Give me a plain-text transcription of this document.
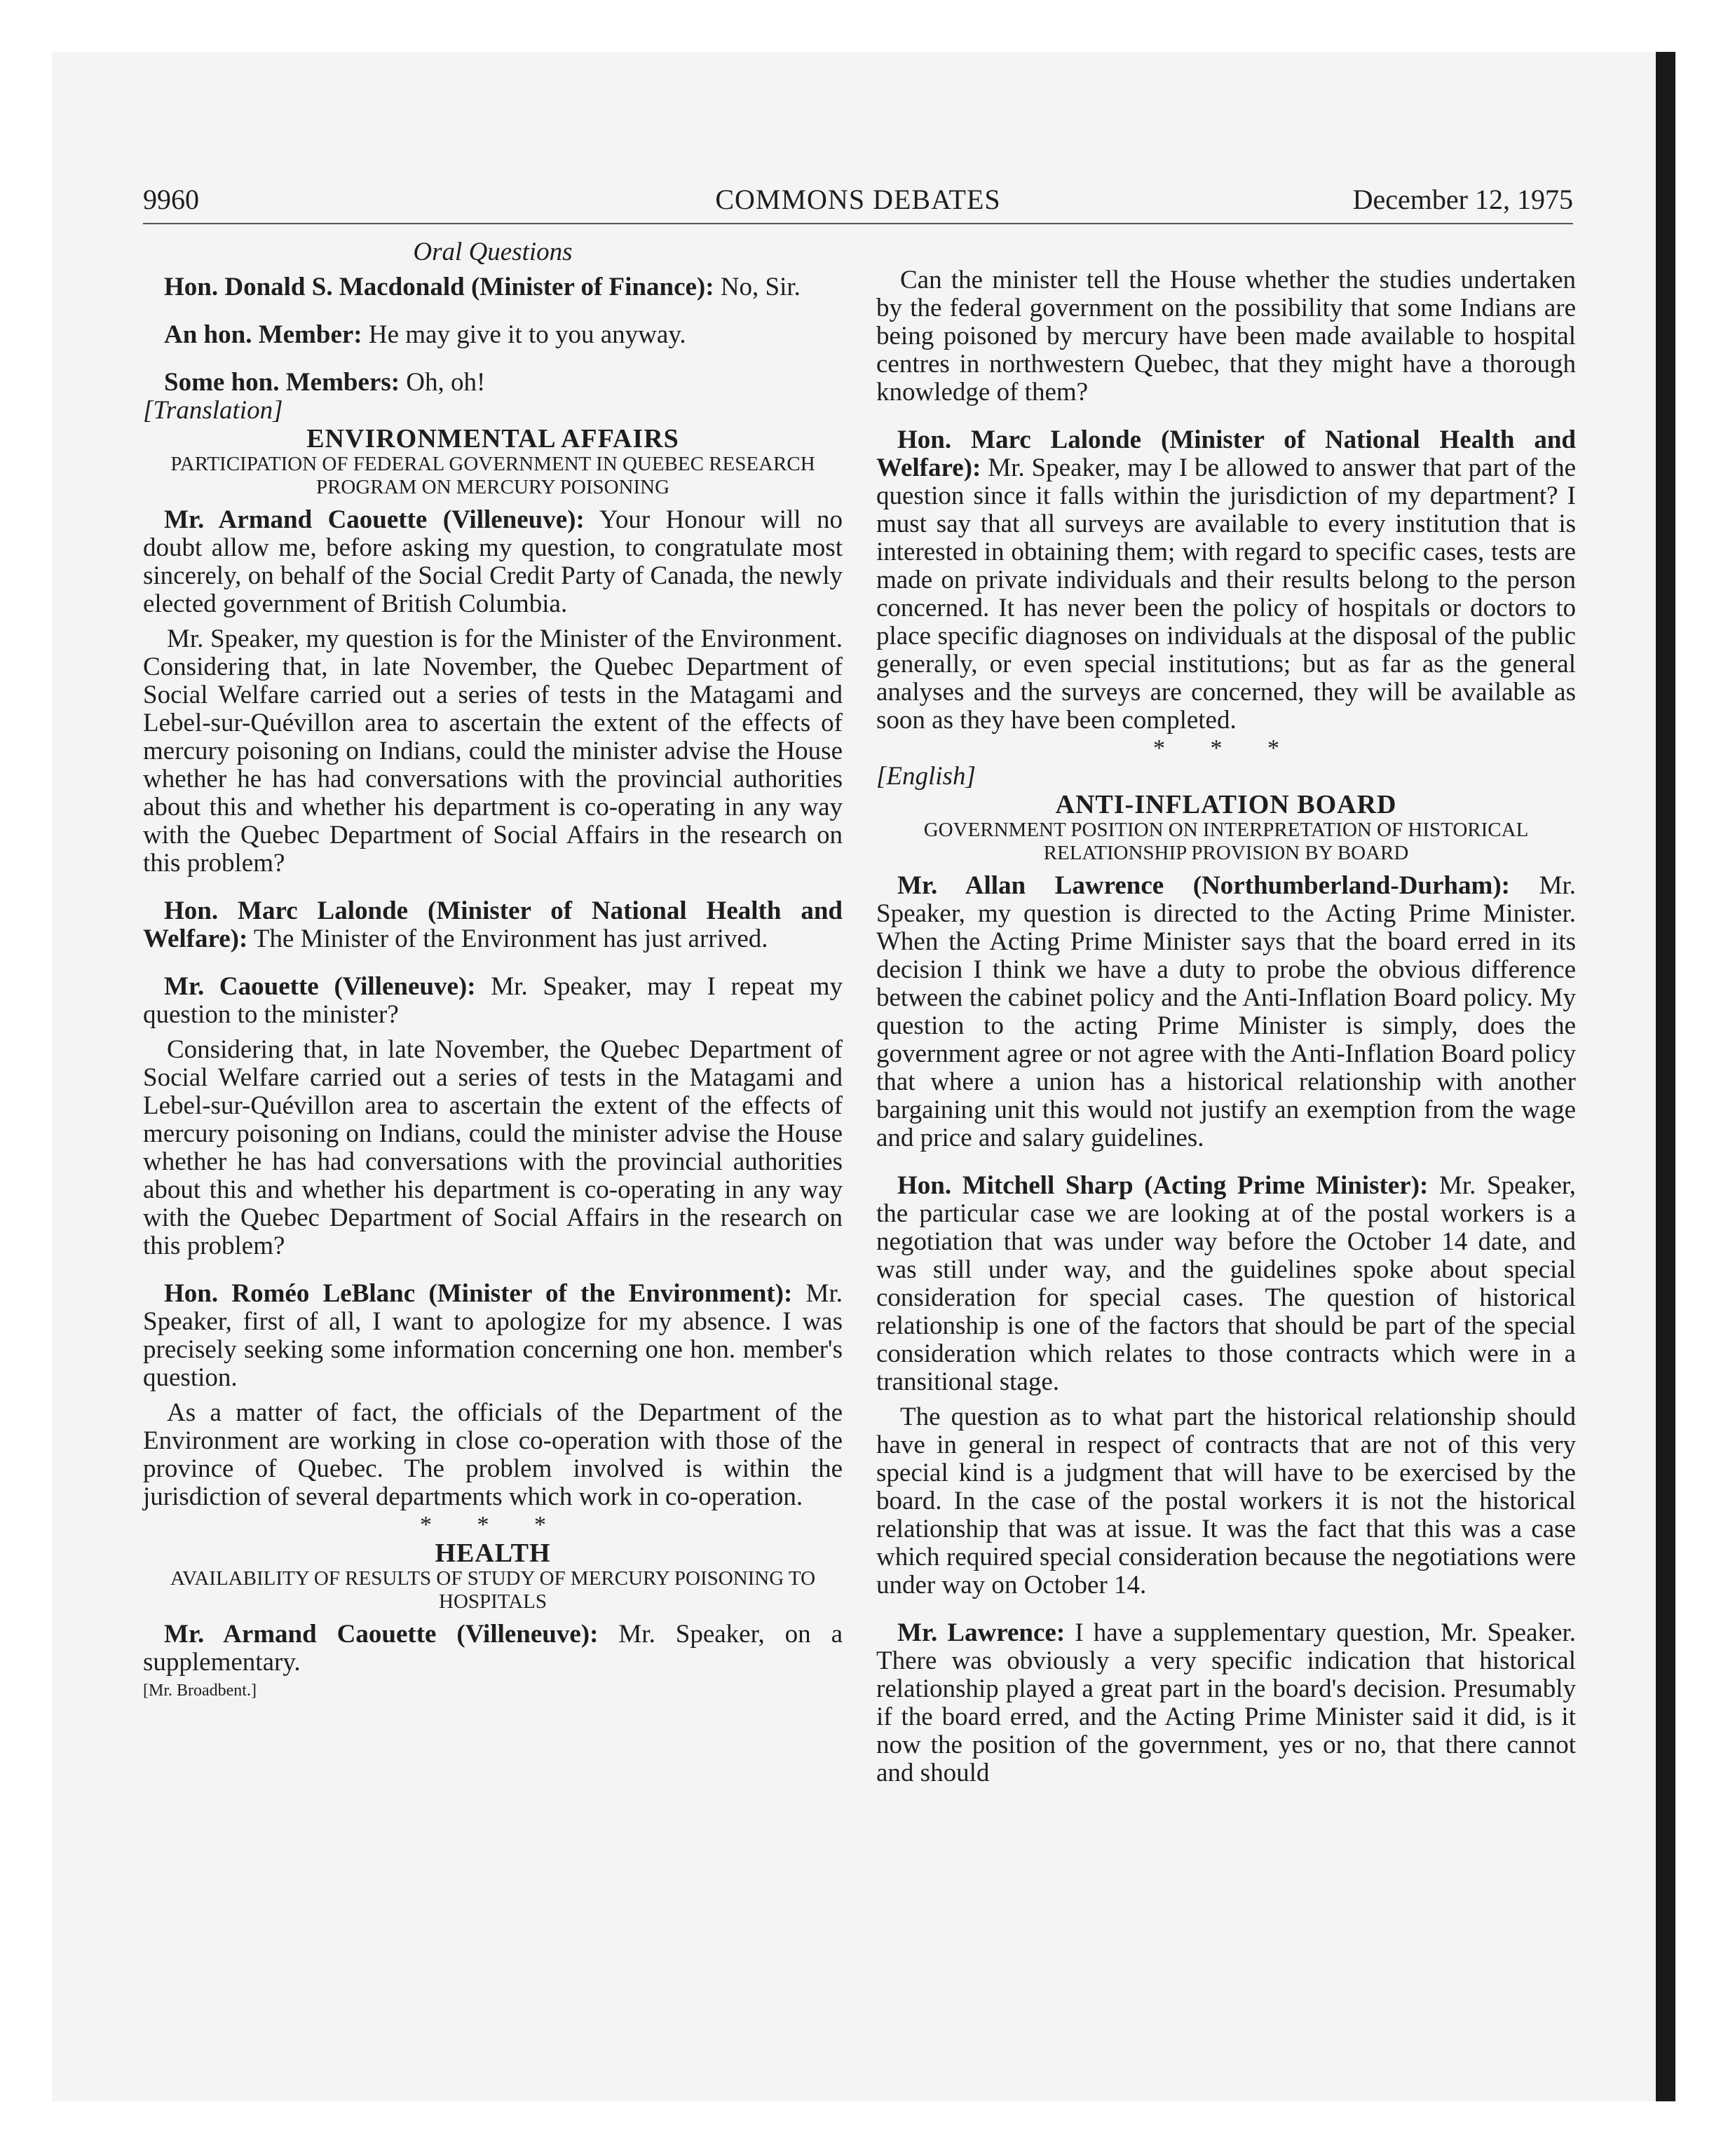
9960	COMMONS DEBATES	December 12, 1975

Oral Questions

Hon. Donald S. Macdonald (Minister of Finance): No, Sir.

An hon. Member: He may give it to you anyway.

Some hon. Members: Oh, oh!

[Translation]

ENVIRONMENTAL AFFAIRS

PARTICIPATION OF FEDERAL GOVERNMENT IN QUEBEC RESEARCH PROGRAM ON MERCURY POISONING

Mr. Armand Caouette (Villeneuve): Your Honour will no doubt allow me, before asking my question, to congratulate most sincerely, on behalf of the Social Credit Party of Canada, the newly elected government of British Columbia.

Mr. Speaker, my question is for the Minister of the Environment. Considering that, in late November, the Quebec Department of Social Welfare carried out a series of tests in the Matagami and Lebel-sur-Quévillon area to ascertain the extent of the effects of mercury poisoning on Indians, could the minister advise the House whether he has had conversations with the provincial authorities about this and whether his department is co-operating in any way with the Quebec Department of Social Affairs in the research on this problem?

Hon. Marc Lalonde (Minister of National Health and Welfare): The Minister of the Environment has just arrived.

Mr. Caouette (Villeneuve): Mr. Speaker, may I repeat my question to the minister?

Considering that, in late November, the Quebec Department of Social Welfare carried out a series of tests in the Matagami and Lebel-sur-Quévillon area to ascertain the extent of the effects of mercury poisoning on Indians, could the minister advise the House whether he has had conversations with the provincial authorities about this and whether his department is co-operating in any way with the Quebec Department of Social Affairs in the research on this problem?

Hon. Roméo LeBlanc (Minister of the Environment): Mr. Speaker, first of all, I want to apologize for my absence. I was precisely seeking some information concerning one hon. member's question.

As a matter of fact, the officials of the Department of the Environment are working in close co-operation with those of the province of Quebec. The problem involved is within the jurisdiction of several departments which work in co-operation.

* * *

HEALTH

AVAILABILITY OF RESULTS OF STUDY OF MERCURY POISONING TO HOSPITALS

Mr. Armand Caouette (Villeneuve): Mr. Speaker, on a supplementary.

[Mr. Broadbent.]

Can the minister tell the House whether the studies undertaken by the federal government on the possibility that some Indians are being poisoned by mercury have been made available to hospital centres in northwestern Quebec, that they might have a thorough knowledge of them?

Hon. Marc Lalonde (Minister of National Health and Welfare): Mr. Speaker, may I be allowed to answer that part of the question since it falls within the jurisdiction of my department? I must say that all surveys are available to every institution that is interested in obtaining them; with regard to specific cases, tests are made on private individuals and their results belong to the person concerned. It has never been the policy of hospitals or doctors to place specific diagnoses on individuals at the disposal of the public generally, or even special institutions; but as far as the general analyses and the surveys are concerned, they will be available as soon as they have been completed.

* * *

[English]

ANTI-INFLATION BOARD

GOVERNMENT POSITION ON INTERPRETATION OF HISTORICAL RELATIONSHIP PROVISION BY BOARD

Mr. Allan Lawrence (Northumberland-Durham): Mr. Speaker, my question is directed to the Acting Prime Minister. When the Acting Prime Minister says that the board erred in its decision I think we have a duty to probe the obvious difference between the cabinet policy and the Anti-Inflation Board policy. My question to the acting Prime Minister is simply, does the government agree or not agree with the Anti-Inflation Board policy that where a union has a historical relationship with another bargaining unit this would not justify an exemption from the wage and price and salary guidelines.

Hon. Mitchell Sharp (Acting Prime Minister): Mr. Speaker, the particular case we are looking at of the postal workers is a negotiation that was under way before the October 14 date, and was still under way, and the guidelines spoke about special consideration for special cases. The question of historical relationship is one of the factors that should be part of the special consideration which relates to those contracts which were in a transitional stage.

The question as to what part the historical relationship should have in general in respect of contracts that are not of this very special kind is a judgment that will have to be exercised by the board. In the case of the postal workers it is not the historical relationship that was at issue. It was the fact that this was a case which required special consideration because the negotiations were under way on October 14.

Mr. Lawrence: I have a supplementary question, Mr. Speaker. There was obviously a very specific indication that historical relationship played a great part in the board's decision. Presumably if the board erred, and the Acting Prime Minister said it did, is it now the position of the government, yes or no, that there cannot and should
